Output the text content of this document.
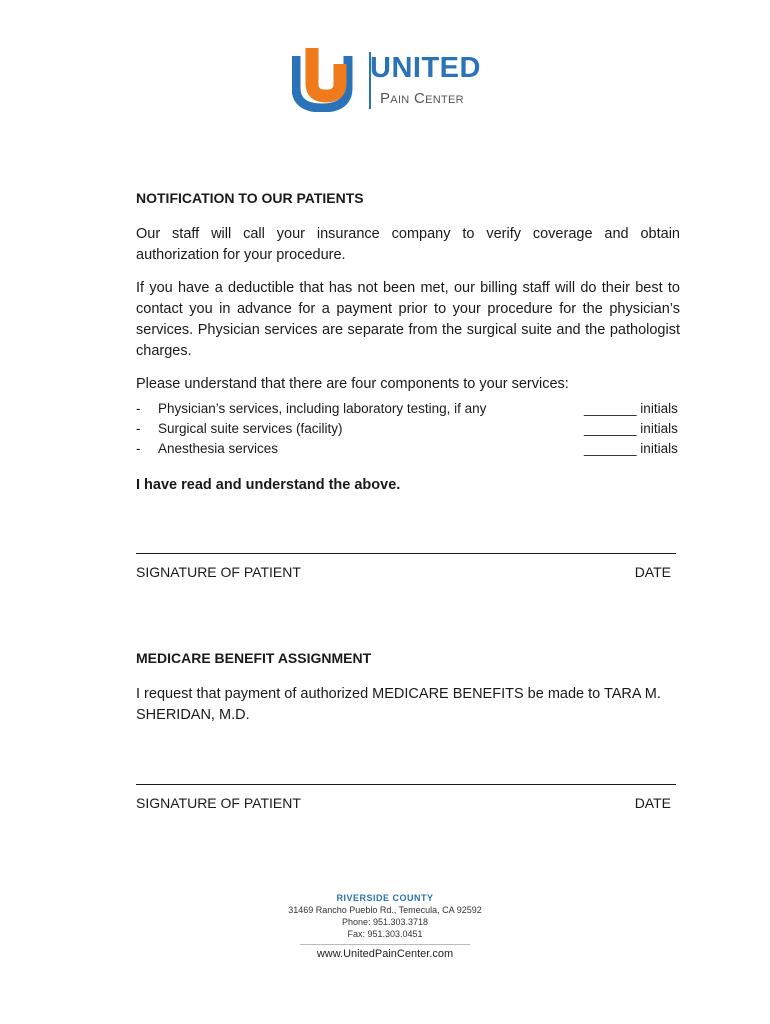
UNITED
Pain Center
NOTIFICATION TO OUR PATIENTS

Our staff will call your insurance company to verify coverage and obtain authorization for your procedure.

If you have a deductible that has not been met, our billing staff will do their best to contact you in advance for a payment prior to your procedure for the physician’s services. Physician services are separate from the surgical suite and the pathologist charges.

Please understand that there are four components to your services:

-	Physician’s services, including laboratory testing, if any	_______ initials
-	Surgical suite services (facility)	_______ initials
-	Anesthesia services	_______ initials
I have read and understand the above.
SIGNATURE OF PATIENT	DATE
MEDICARE BENEFIT ASSIGNMENT

I request that payment of authorized MEDICARE BENEFITS be made to TARA M. SHERIDAN, M.D.

SIGNATURE OF PATIENT	DATE
RIVERSIDE COUNTY
31469 Rancho Pueblo Rd., Temecula, CA 92592
Phone: 951.303.3718
Fax: 951.303.0451
www.UnitedPainCenter.com
